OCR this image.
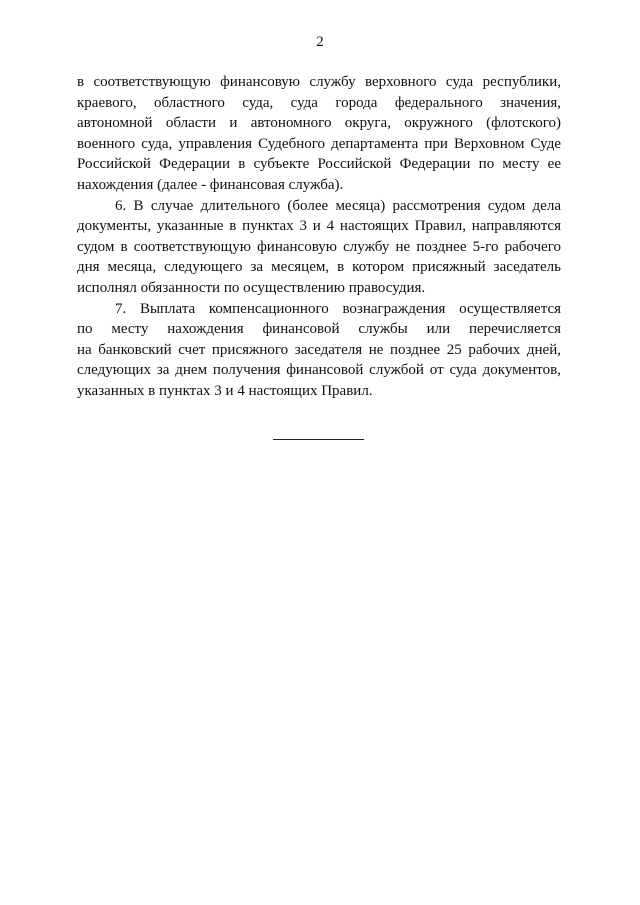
2

в соответствующую финансовую службу верховного суда республики,
краевого, областного суда, суда города федерального значения,
автономной области и автономного округа, окружного (флотского)
военного суда, управления Судебного департамента при Верховном Суде
Российской Федерации в субъекте Российской Федерации по месту ее
нахождения (далее - финансовая служба).

6. В случае длительного (более месяца) рассмотрения судом дела
документы, указанные в пунктах 3 и 4 настоящих Правил, направляются
судом в соответствующую финансовую службу не позднее 5-го рабочего
дня месяца, следующего за месяцем, в котором присяжный заседатель
исполнял обязанности по осуществлению правосудия.

7. Выплата компенсационного вознаграждения осуществляется
по месту нахождения финансовой службы или перечисляется
на банковский счет присяжного заседателя не позднее 25 рабочих дней,
следующих за днем получения финансовой службой от суда документов,
указанных в пунктах 3 и 4 настоящих Правил.
